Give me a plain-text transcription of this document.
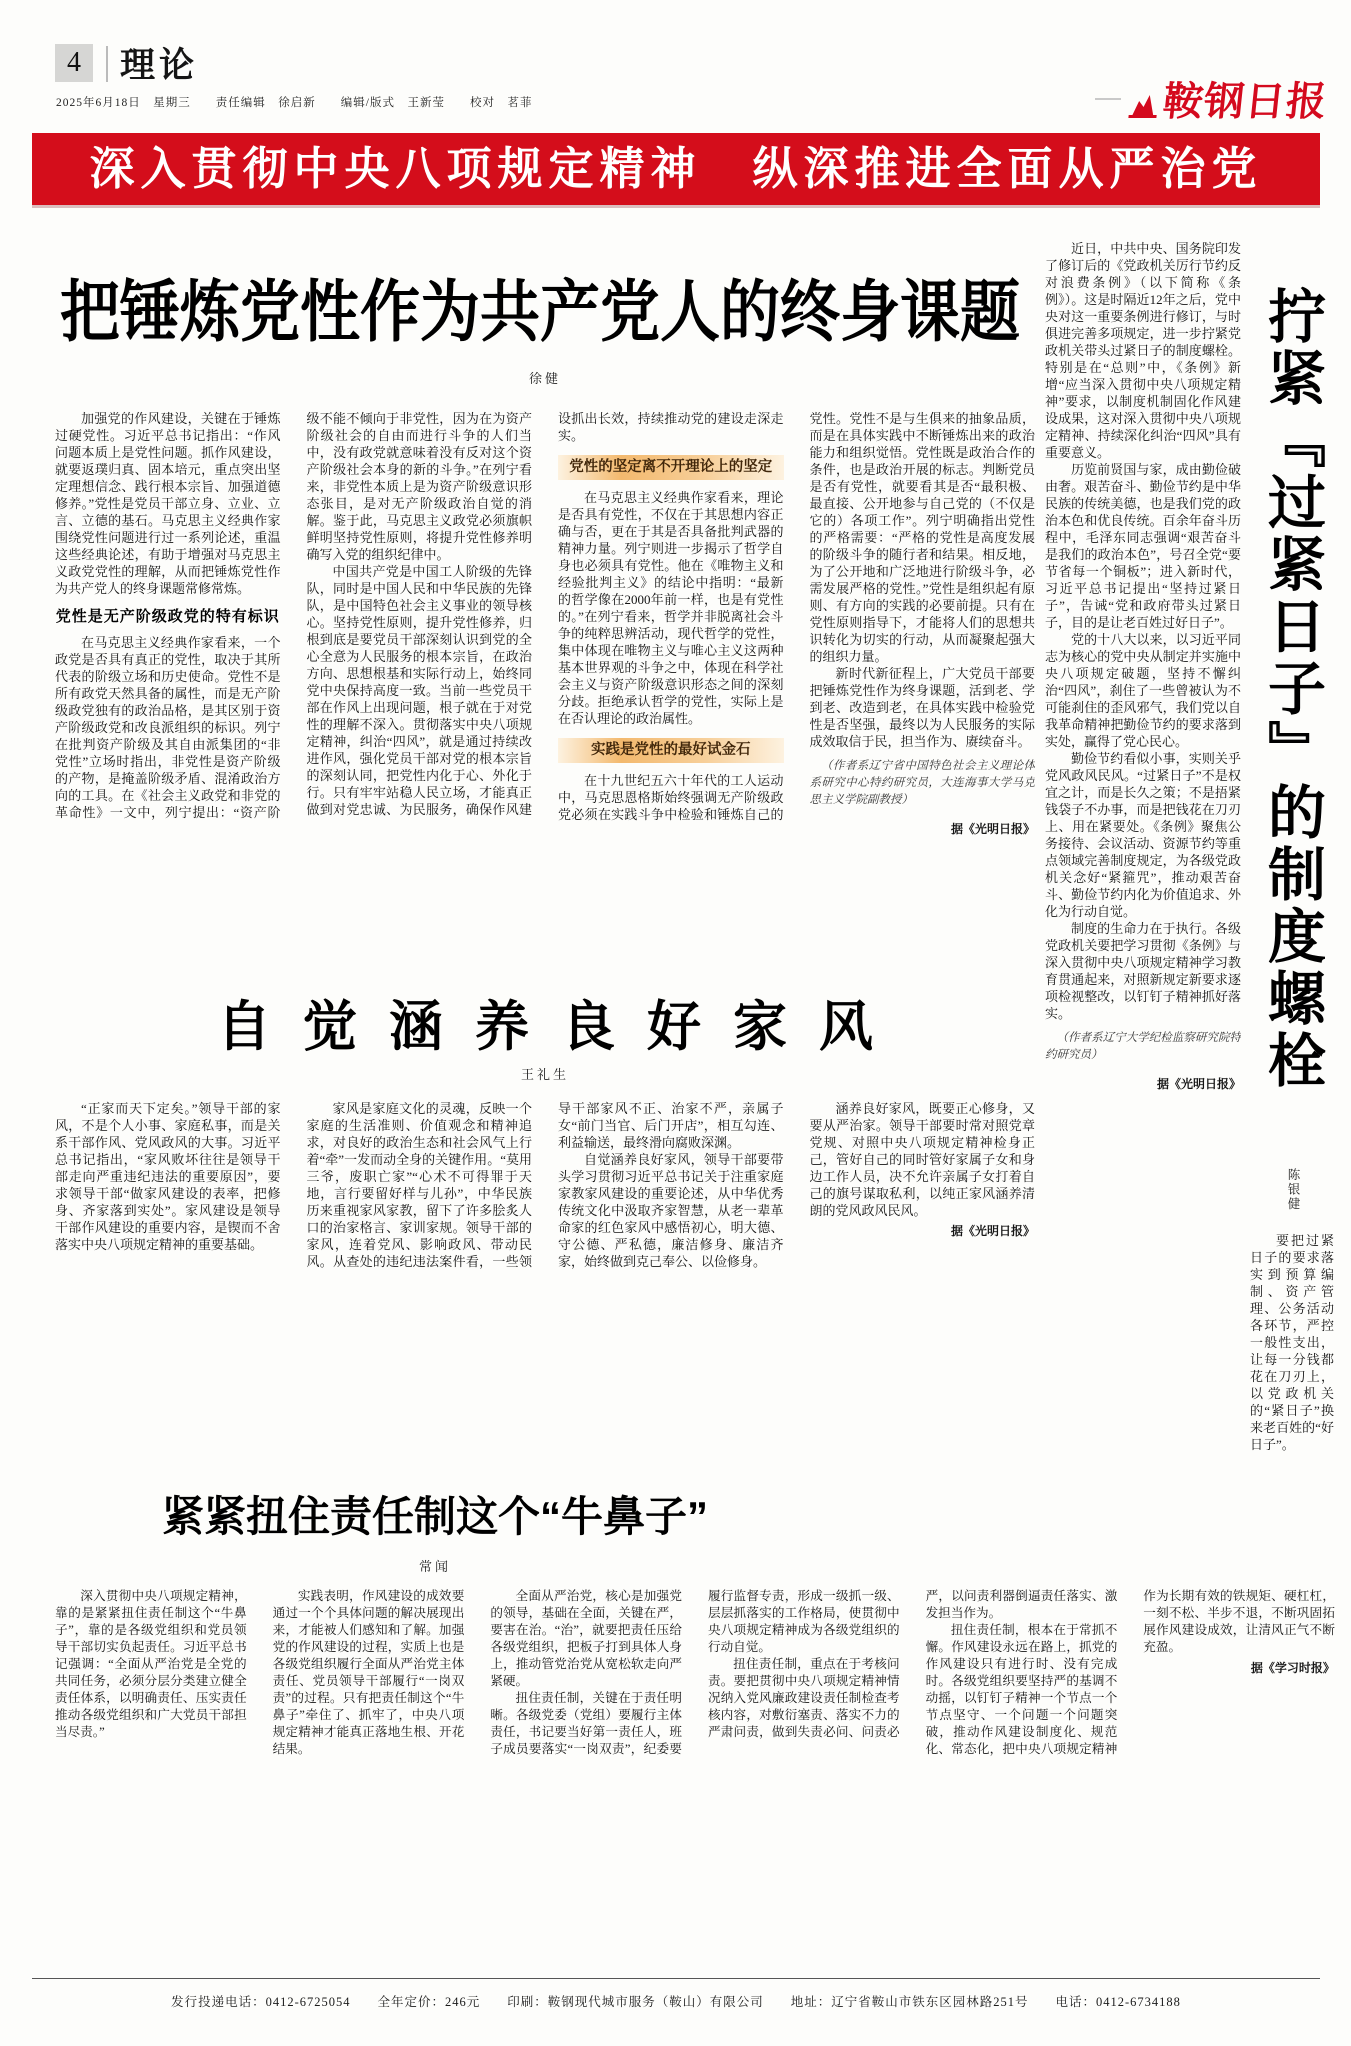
4	理论
2025年6月18日　星期三　　责任编辑　徐启新　　编辑/版式　王新莹　　校对　茗菲	鞍钢日报
深入贯彻中央八项规定精神　纵深推进全面从严治党
把锤炼党性作为共产党人的终身课题
徐健

加强党的作风建设，关键在于锤炼过硬党性。习近平总书记指出：“作风问题本质上是党性问题。抓作风建设，就要返璞归真、固本培元，重点突出坚定理想信念、践行根本宗旨、加强道德修养。”党性是党员干部立身、立业、立言、立德的基石。马克思主义经典作家围绕党性问题进行过一系列论述，重温这些经典论述，有助于增强对马克思主义政党党性的理解，从而把锤炼党性作为共产党人的终身课题常修常炼。

党性是无产阶级政党的特有标识

在马克思主义经典作家看来，一个政党是否具有真正的党性，取决于其所代表的阶级立场和历史使命。党性不是所有政党天然具备的属性，而是无产阶级政党独有的政治品格，是其区别于资产阶级政党和改良派组织的标识。列宁在批判资产阶级及其自由派集团的“非党性”立场时指出，非党性是资产阶级的产物，是掩盖阶级矛盾、混淆政治方向的工具。在《社会主义政党和非党的革命性》一文中，列宁提出：“资产阶级不能不倾向于非党性，因为在为资产阶级社会的自由而进行斗争的人们当中，没有政党就意味着没有反对这个资产阶级社会本身的新的斗争。”在列宁看来，非党性本质上是为资产阶级意识形态张目，是对无产阶级政治自觉的消解。鉴于此，马克思主义政党必须旗帜鲜明坚持党性原则，将提升党性修养明确写入党的组织纪律中。

中国共产党是中国工人阶级的先锋队，同时是中国人民和中华民族的先锋队，是中国特色社会主义事业的领导核心。坚持党性原则，提升党性修养，归根到底是要党员干部深刻认识到党的全心全意为人民服务的根本宗旨，在政治方向、思想根基和实际行动上，始终同党中央保持高度一致。当前一些党员干部在作风上出现问题，根子就在于对党性的理解不深入。贯彻落实中央八项规定精神，纠治“四风”，就是通过持续改进作风，强化党员干部对党的根本宗旨的深刻认同，把党性内化于心、外化于行。只有牢牢站稳人民立场，才能真正做到对党忠诚、为民服务，确保作风建设抓出长效，持续推动党的建设走深走实。

党性的坚定离不开理论上的坚定

在马克思主义经典作家看来，理论是否具有党性，不仅在于其思想内容正确与否，更在于其是否具备批判武器的精神力量。列宁则进一步揭示了哲学自身也必须具有党性。他在《唯物主义和经验批判主义》的结论中指明：“最新的哲学像在2000年前一样，也是有党性的。”在列宁看来，哲学并非脱离社会斗争的纯粹思辨活动，现代哲学的党性，集中体现在唯物主义与唯心主义这两种基本世界观的斗争之中，体现在科学社会主义与资产阶级意识形态之间的深刻分歧。拒绝承认哲学的党性，实际上是在否认理论的政治属性。

实践是党性的最好试金石

在十九世纪五六十年代的工人运动中，马克思恩格斯始终强调无产阶级政党必须在实践斗争中检验和锤炼自己的党性。党性不是与生俱来的抽象品质，而是在具体实践中不断锤炼出来的政治能力和组织觉悟。党性既是政治合作的条件，也是政治开展的标志。判断党员是否有党性，就要看其是否“最积极、最直接、公开地参与自己党的（不仅是它的）各项工作”。列宁明确指出党性的严格需要：“严格的党性是高度发展的阶级斗争的随行者和结果。相反地，为了公开地和广泛地进行阶级斗争，必需发展严格的党性。”党性是组织起有原则、有方向的实践的必要前提。只有在党性原则指导下，才能将人们的思想共识转化为切实的行动，从而凝聚起强大的组织力量。

新时代新征程上，广大党员干部要把锤炼党性作为终身课题，活到老、学到老、改造到老，在具体实践中检验党性是否坚强，最终以为人民服务的实际成效取信于民，担当作为、赓续奋斗。

（作者系辽宁省中国特色社会主义理论体系研究中心特约研究员，大连海事大学马克思主义学院副教授）

据《光明日报》

近日，中共中央、国务院印发了修订后的《党政机关厉行节约反对浪费条例》（以下简称《条例》）。这是时隔近12年之后，党中央对这一重要条例进行修订，与时俱进完善多项规定，进一步拧紧党政机关带头过紧日子的制度螺栓。特别是在“总则”中，《条例》新增“应当深入贯彻中央八项规定精神”要求，以制度机制固化作风建设成果，这对深入贯彻中央八项规定精神、持续深化纠治“四风”具有重要意义。

历览前贤国与家，成由勤俭破由奢。艰苦奋斗、勤俭节约是中华民族的传统美德，也是我们党的政治本色和优良传统。百余年奋斗历程中，毛泽东同志强调“艰苦奋斗是我们的政治本色”，号召全党“要节省每一个铜板”；进入新时代，习近平总书记提出“坚持过紧日子”，告诫“党和政府带头过紧日子，目的是让老百姓过好日子”。

党的十八大以来，以习近平同志为核心的党中央从制定并实施中央八项规定破题，坚持不懈纠治“四风”，刹住了一些曾被认为不可能刹住的歪风邪气，我们党以自我革命精神把勤俭节约的要求落到实处，赢得了党心民心。

勤俭节约看似小事，实则关乎党风政风民风。“过紧日子”不是权宜之计，而是长久之策；不是捂紧钱袋子不办事，而是把钱花在刀刃上、用在紧要处。《条例》聚焦公务接待、会议活动、资源节约等重点领域完善制度规定，为各级党政机关念好“紧箍咒”，推动艰苦奋斗、勤俭节约内化为价值追求、外化为行动自觉。

制度的生命力在于执行。各级党政机关要把学习贯彻《条例》与深入贯彻中央八项规定精神学习教育贯通起来，对照新规定新要求逐项检视整改，以钉钉子精神抓好落实。

（作者系辽宁大学纪检监察研究院特约研究员）

据《光明日报》 拧紧『过紧日子』的制度螺栓
陈银健

要把过紧日子的要求落实到预算编制、资产管理、公务活动各环节，严控一般性支出，让每一分钱都花在刀刃上，以党政机关的“紧日子”换来老百姓的“好日子”。

自觉涵养良好家风
王礼生

“正家而天下定矣。”领导干部的家风，不是个人小事、家庭私事，而是关系干部作风、党风政风的大事。习近平总书记指出，“家风败坏往往是领导干部走向严重违纪违法的重要原因”，要求领导干部“做家风建设的表率，把修身、齐家落到实处”。家风建设是领导干部作风建设的重要内容，是锲而不舍落实中央八项规定精神的重要基础。

家风是家庭文化的灵魂，反映一个家庭的生活准则、价值观念和精神追求，对良好的政治生态和社会风气上行着“牵”一发而动全身的关键作用。“莫用三爷，废职亡家”“心术不可得罪于天地，言行要留好样与儿孙”，中华民族历来重视家风家教，留下了许多脍炙人口的治家格言、家训家规。领导干部的家风，连着党风、影响政风、带动民风。从查处的违纪违法案件看，一些领导干部家风不正、治家不严，亲属子女“前门当官、后门开店”，相互勾连、利益输送，最终滑向腐败深渊。

自觉涵养良好家风，领导干部要带头学习贯彻习近平总书记关于注重家庭家教家风建设的重要论述，从中华优秀传统文化中汲取齐家智慧，从老一辈革命家的红色家风中感悟初心，明大德、守公德、严私德，廉洁修身、廉洁齐家，始终做到克己奉公、以俭修身。

涵养良好家风，既要正心修身，又要从严治家。领导干部要时常对照党章党规、对照中央八项规定精神检身正己，管好自己的同时管好家属子女和身边工作人员，决不允许亲属子女打着自己的旗号谋取私利，以纯正家风涵养清朗的党风政风民风。

据《光明日报》
紧紧扭住责任制这个“牛鼻子”
常闻

深入贯彻中央八项规定精神，靠的是紧紧扭住责任制这个“牛鼻子”，靠的是各级党组织和党员领导干部切实负起责任。习近平总书记强调：“全面从严治党是全党的共同任务，必须分层分类建立健全责任体系，以明确责任、压实责任推动各级党组织和广大党员干部担当尽责。”

实践表明，作风建设的成效要通过一个个具体问题的解决展现出来，才能被人们感知和了解。加强党的作风建设的过程，实质上也是各级党组织履行全面从严治党主体责任、党员领导干部履行“一岗双责”的过程。只有把责任制这个“牛鼻子”牵住了、抓牢了，中央八项规定精神才能真正落地生根、开花结果。

全面从严治党，核心是加强党的领导，基础在全面，关键在严，要害在治。“治”，就要把责任压给各级党组织，把板子打到具体人身上，推动管党治党从宽松软走向严紧硬。

扭住责任制，关键在于责任明晰。各级党委（党组）要履行主体责任，书记要当好第一责任人，班子成员要落实“一岗双责”，纪委要履行监督专责，形成一级抓一级、层层抓落实的工作格局，使贯彻中央八项规定精神成为各级党组织的行动自觉。

扭住责任制，重点在于考核问责。要把贯彻中央八项规定精神情况纳入党风廉政建设责任制检查考核内容，对敷衍塞责、落实不力的严肃问责，做到失责必问、问责必严，以问责利器倒逼责任落实、激发担当作为。

扭住责任制，根本在于常抓不懈。作风建设永远在路上，抓党的作风建设只有进行时、没有完成时。各级党组织要坚持严的基调不动摇，以钉钉子精神一个节点一个节点坚守、一个问题一个问题突破，推动作风建设制度化、规范化、常态化，把中央八项规定精神作为长期有效的铁规矩、硬杠杠，一刻不松、半步不退，不断巩固拓展作风建设成效，让清风正气不断充盈。

据《学习时报》
发行投递电话：0412-6725054　　全年定价：246元　　印刷：鞍钢现代城市服务（鞍山）有限公司　　地址：辽宁省鞍山市铁东区园林路251号　　电话：0412-6734188
